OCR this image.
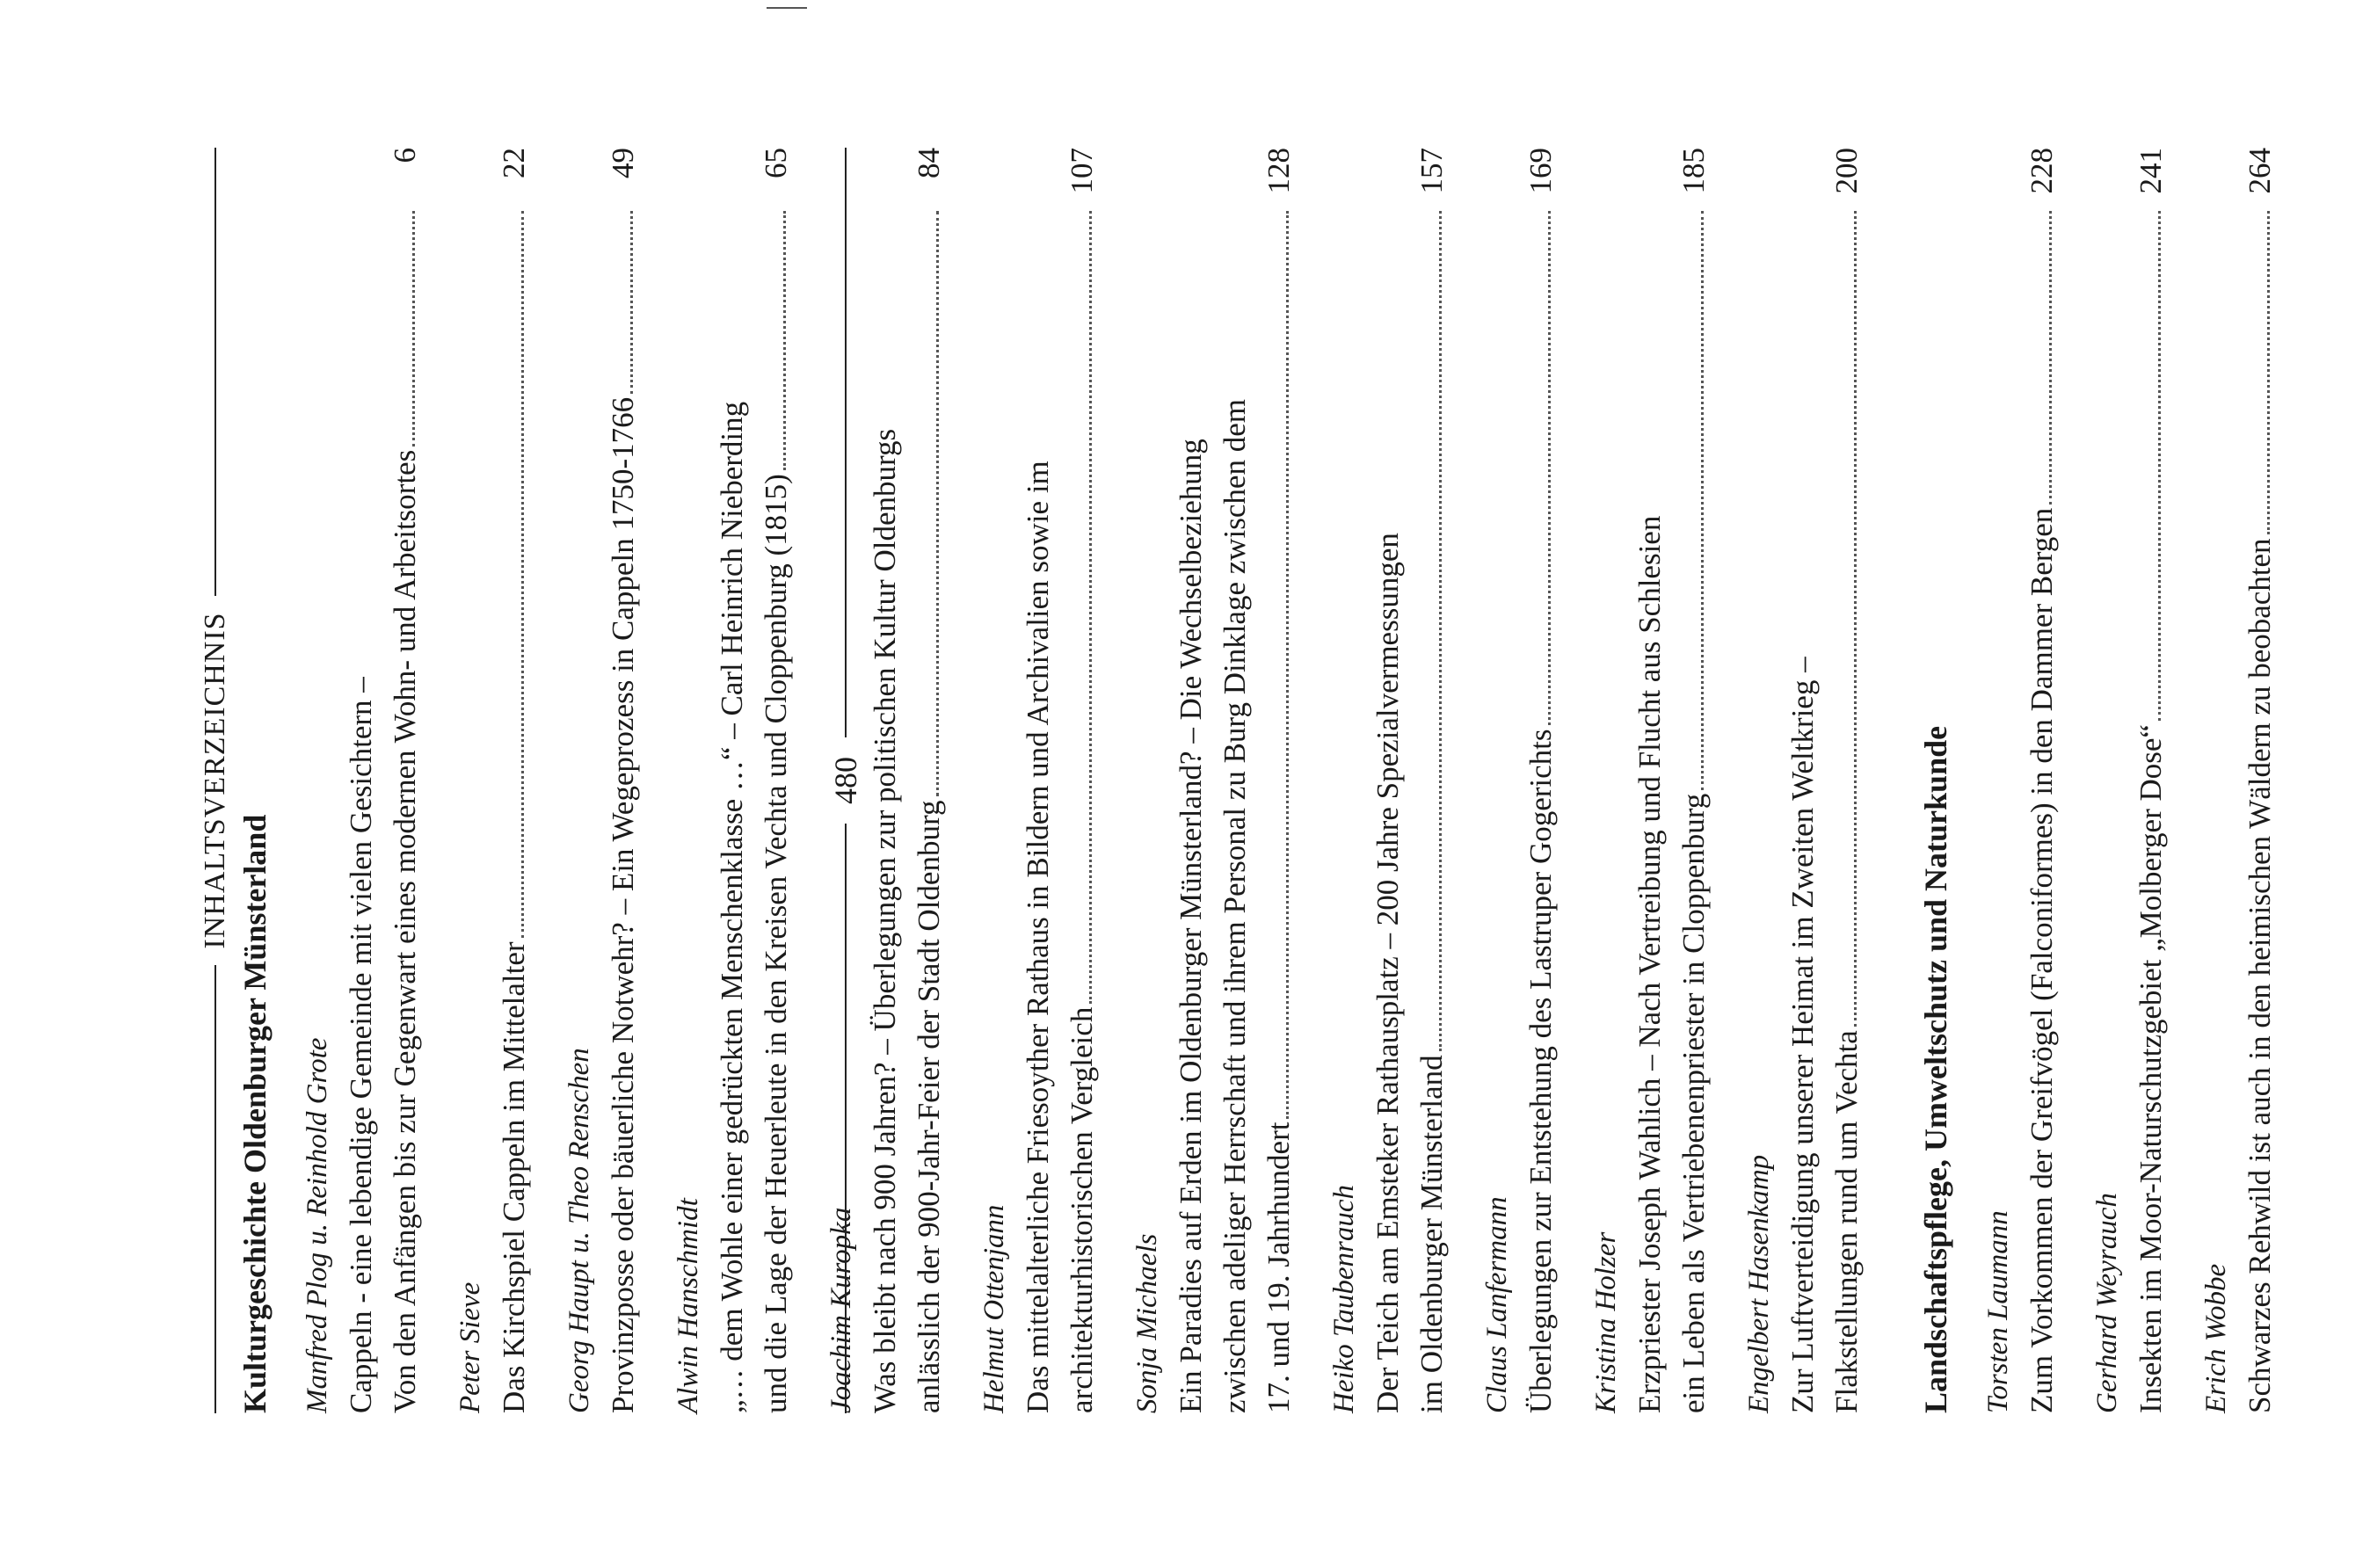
INHALTSVERZEICHNIS
Kulturgeschichte Oldenburger Münsterland Manfred Plog u. Reinhold Grote Cappeln - eine lebendige Gemeinde mit vielen Gesichtern – Von den Anfängen bis zur Gegenwart eines modernen Wohn- und Arbeitsortes
6
Peter Sieve Das Kirchspiel Cappeln im Mittelalter
22
Georg Haupt u. Theo Renschen Provinzposse oder bäuerliche Notwehr? – Ein Wegeprozess in Cappeln 1750-1766
49
Alwin Hanschmidt „… dem Wohle einer gedrückten Menschenklasse …“ – Carl Heinrich Nieberding und die Lage der Heuerleute in den Kreisen Vechta und Cloppenburg (1815)
65
Joachim Kuropka Was bleibt nach 900 Jahren? – Überlegungen zur politischen Kultur Oldenburgs anlässlich der 900-Jahr-Feier der Stadt Oldenburg
84
Helmut Ottenjann Das mittelalterliche Friesoyther Rathaus in Bildern und Archivalien sowie im architekturhistorischen Vergleich
107
Sonja Michaels Ein Paradies auf Erden im Oldenburger Münsterland? – Die Wechselbeziehung zwischen adeliger Herrschaft und ihrem Personal zu Burg Dinklage zwischen dem 17. und 19. Jahrhundert
128
Heiko Taubenrauch Der Teich am Emsteker Rathausplatz – 200 Jahre Spezialvermessungen im Oldenburger Münsterland
157
Claus Lanfermann Überlegungen zur Entstehung des Lastruper Gogerichts
169
Kristina Holzer Erzpriester Joseph Wahlich – Nach Vertreibung und Flucht aus Schlesien ein Leben als Vertriebenenpriester in Cloppenburg
185
Engelbert Hasenkamp Zur Luftverteidigung unserer Heimat im Zweiten Weltkrieg – Flakstellungen rund um Vechta
200
Landschaftspflege, Umweltschutz und Naturkunde Torsten Laumann Zum Vorkommen der Greifvögel (Falconiformes) in den Dammer Bergen
228
Gerhard Weyrauch Insekten im Moor-Naturschutzgebiet „Molberger Dose“
241
Erich Wobbe Schwarzes Rehwild ist auch in den heimischen Wäldern zu beobachten
264
480
